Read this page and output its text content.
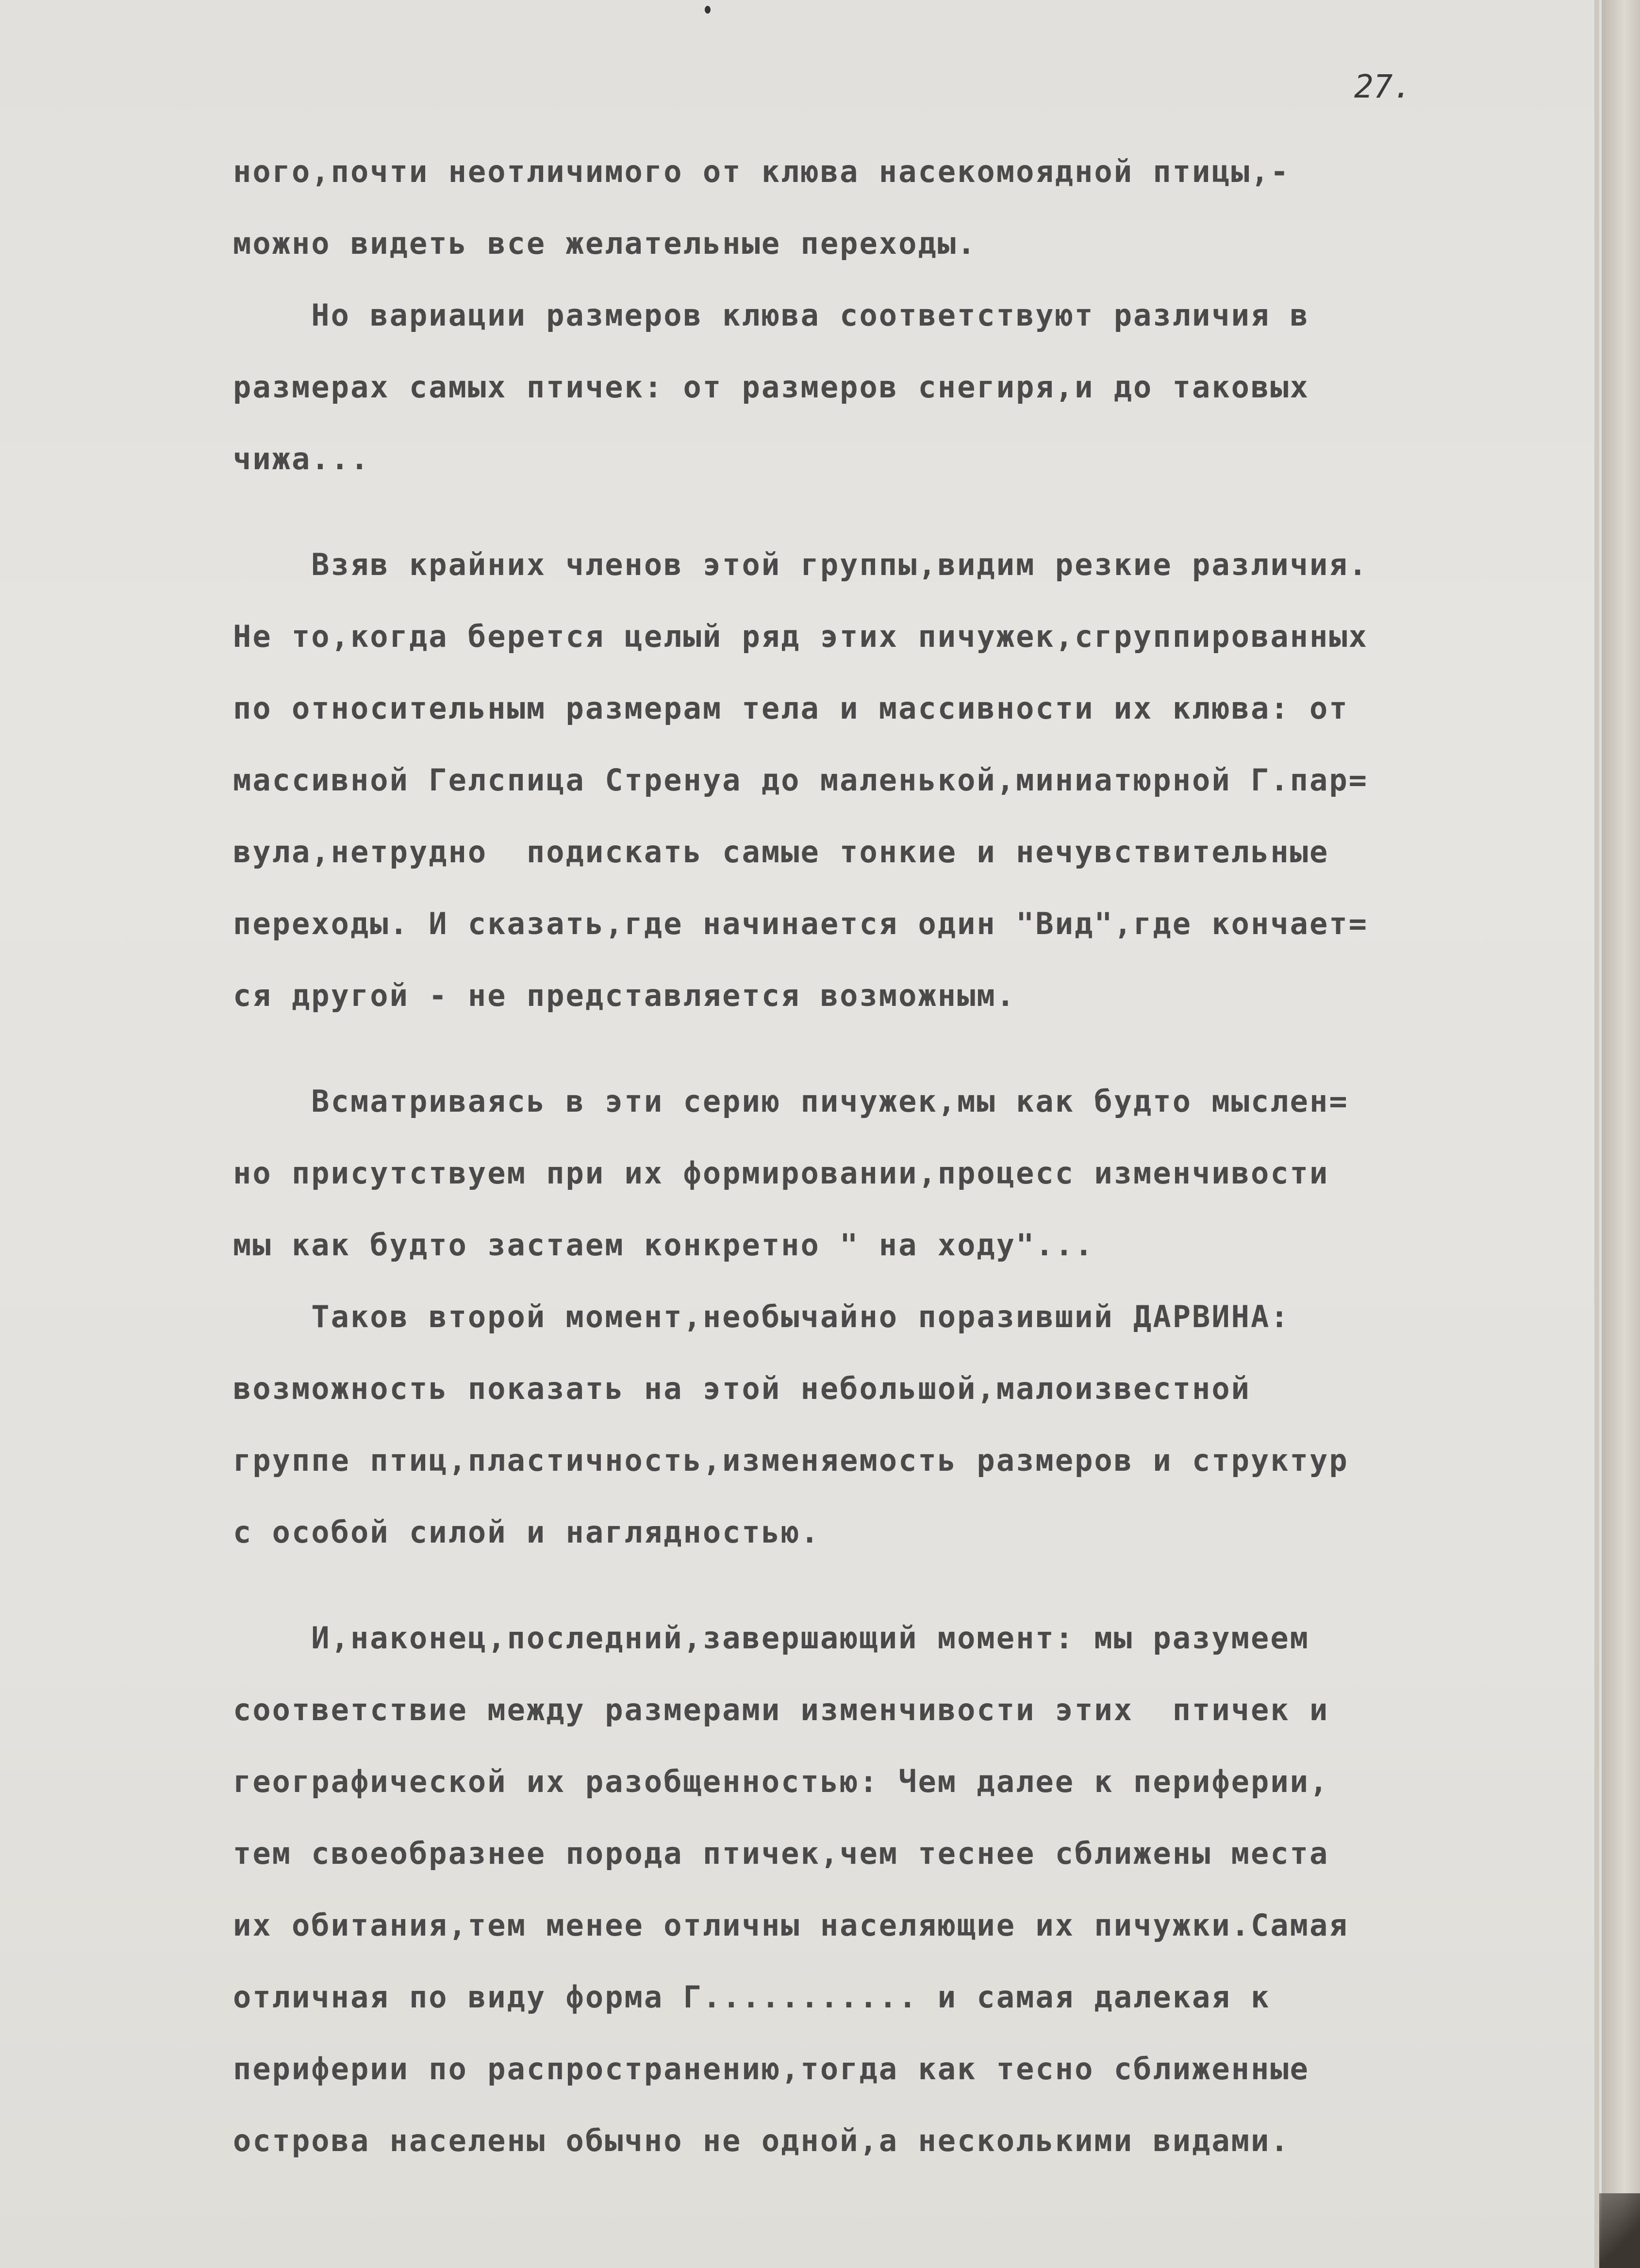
27.
ного,почти неотличимого от клюва насекомоядной птицы,-
можно видеть все желательные переходы.
Но вариации размеров клюва соответствуют различия в
размерах самых птичек: от размеров снегиря,и до таковых
чижа...
Взяв крайних членов этой группы,видим резкие различия.
Не то,когда берется целый ряд этих пичужек,сгруппированных
по относительным размерам тела и массивности их клюва: от
массивной Гелспица Стренуа до маленькой,миниатюрной Г.пар=
вула,нетрудно  подискать самые тонкие и нечувствительные
переходы. И сказать,где начинается один "Вид",где кончает=
ся другой - не представляется возможным.
Всматриваясь в эти серию пичужек,мы как будто мыслен=
но присутствуем при их формировании,процесс изменчивости
мы как будто застаем конкретно " на ходу"...
Таков второй момент,необычайно поразивший ДАРВИНА:
возможность показать на этой небольшой,малоизвестной
группе птиц,пластичность,изменяемость размеров и структур
с особой силой и наглядностью.
И,наконец,последний,завершающий момент: мы разумеем
соответствие между размерами изменчивости этих  птичек и
географической их разобщенностью: Чем далее к периферии,
тем своеобразнее порода птичек,чем теснее сближены места
их обитания,тем менее отличны населяющие их пичужки.Самая
отличная по виду форма Г........... и самая далекая к
периферии по распространению,тогда как тесно сближенные
острова населены обычно не одной,а несколькими видами.
